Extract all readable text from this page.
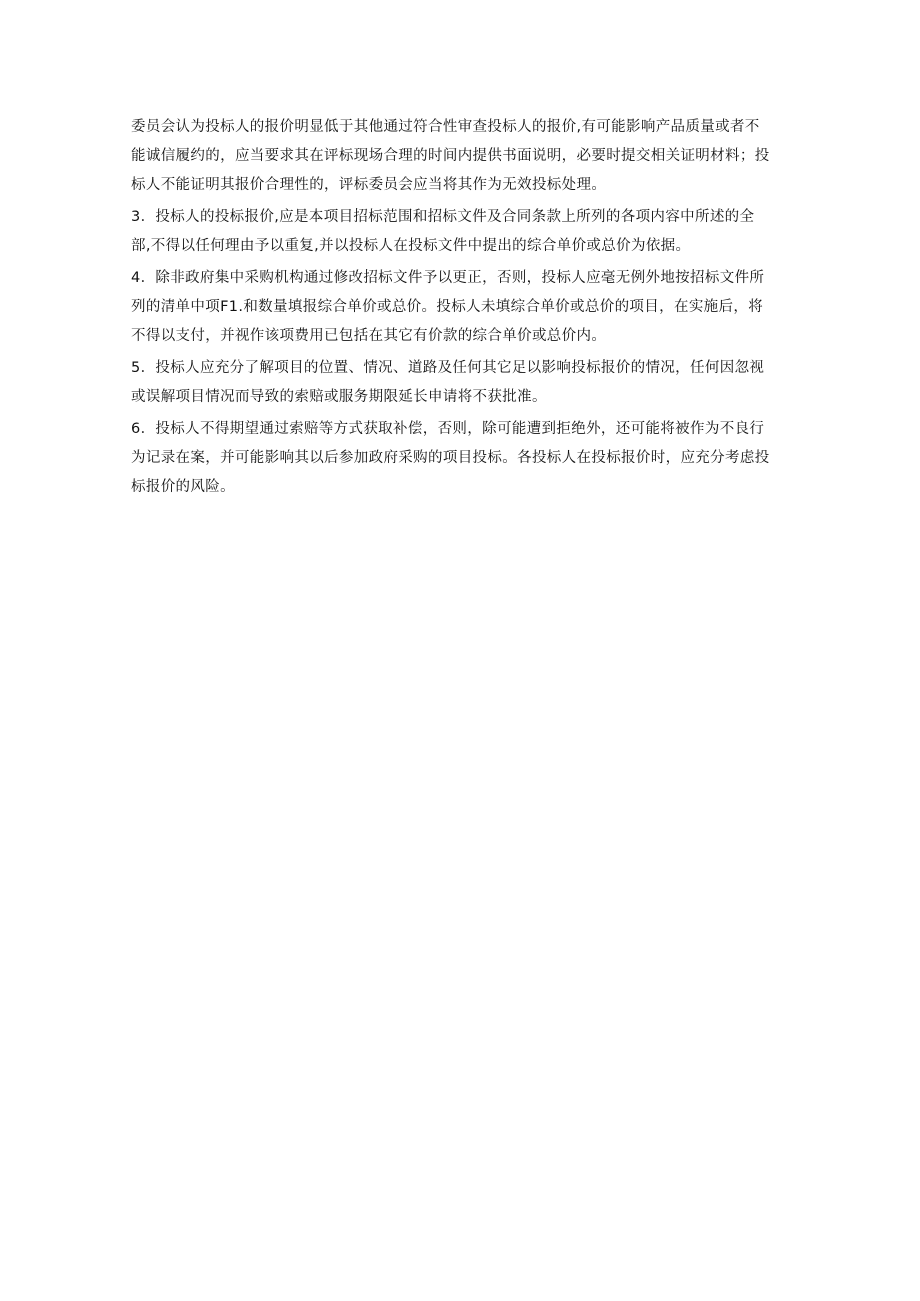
委员会认为投标人的报价明显低于其他通过符合性审查投标人的报价,有可能影响产品质量或者不
能诚信履约的，应当要求其在评标现场合理的时间内提供书面说明，必要时提交相关证明材料；投
标人不能证明其报价合理性的，评标委员会应当将其作为无效投标处理。

3．投标人的投标报价,应是本项目招标范围和招标文件及合同条款上所列的各项内容中所述的全
部,不得以任何理由予以重复,并以投标人在投标文件中提出的综合单价或总价为依据。

4．除非政府集中采购机构通过修改招标文件予以更正，否则，投标人应毫无例外地按招标文件所
列的清单中项F1.和数量填报综合单价或总价。投标人未填综合单价或总价的项目，在实施后，将
不得以支付，并视作该项费用已包括在其它有价款的综合单价或总价内。

5．投标人应充分了解项目的位置、情况、道路及任何其它足以影响投标报价的情况，任何因忽视
或误解项目情况而导致的索赔或服务期限延长申请将不获批准。

6．投标人不得期望通过索赔等方式获取补偿，否则，除可能遭到拒绝外，还可能将被作为不良行
为记录在案，并可能影响其以后参加政府采购的项目投标。各投标人在投标报价时，应充分考虑投
标报价的风险。
